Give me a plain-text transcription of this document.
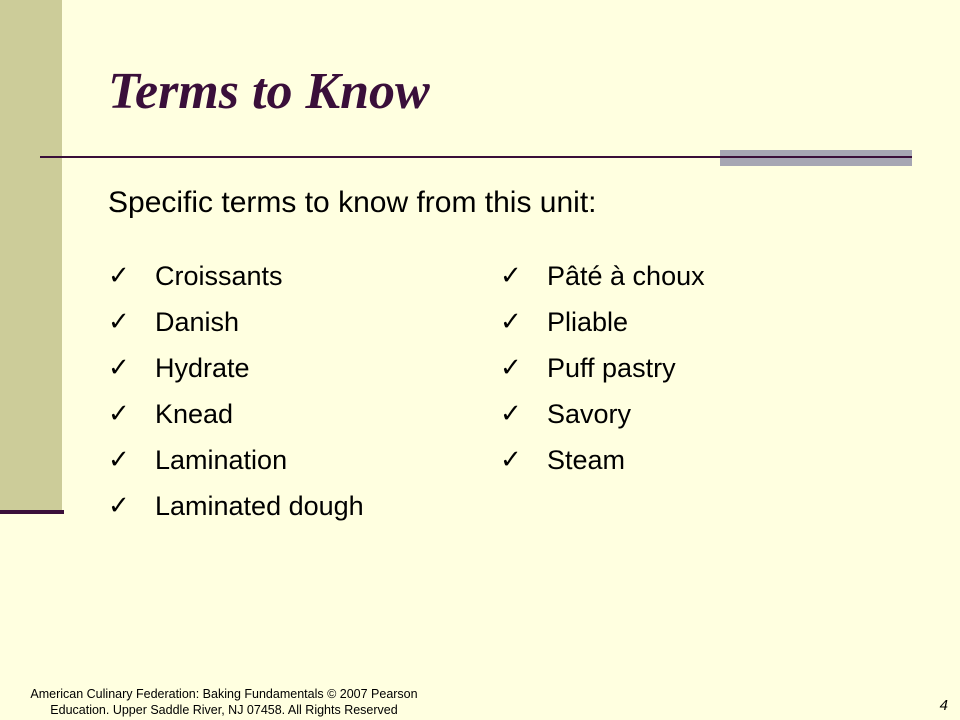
Terms to Know
Specific terms to know from this unit:
✓ Croissants
✓ Danish
✓ Hydrate
✓ Knead
✓ Lamination
✓ Laminated dough
✓ Pâté à choux
✓ Pliable
✓ Puff pastry
✓ Savory
✓ Steam
American Culinary Federation: Baking Fundamentals © 2007 Pearson Education. Upper Saddle River, NJ 07458. All Rights Reserved	4
